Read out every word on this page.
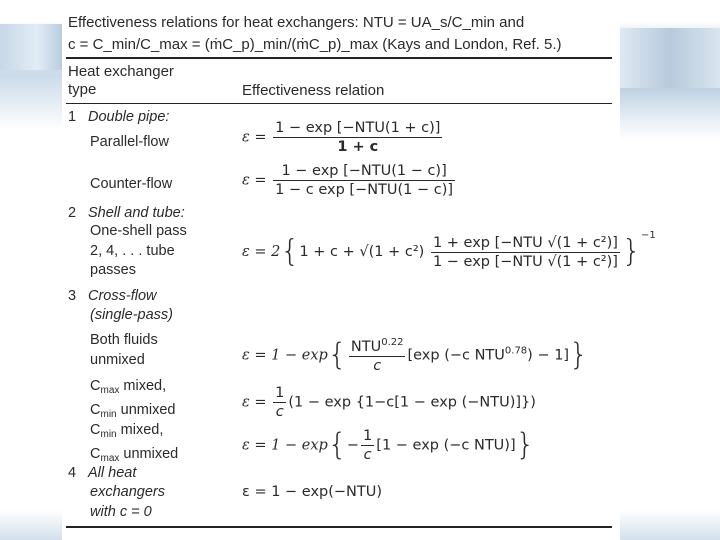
Effectiveness relations for heat exchangers: NTU = UA_s/C_min and
c = C_min/C_max = (ṁC_p)_min/(ṁC_p)_max (Kays and London, Ref. 5.)
Heat exchanger
type	Effectiveness relation
1 Double pipe:
Parallel-flow	$\varepsilon = \frac{\text{1 − exp [−NTU(1 + c)]}}{1 + c}$
Counter-flow	$\varepsilon = \frac{\text{1 − exp [−NTU(1 − c)]}}{\text{1 − c exp [−NTU(1 − c)]}}$
2 Shell and tube:
One-shell pass
2, 4, . . . tube
passes
$\varepsilon = 2\{1 + c + √(1 + c^2) \frac{\text{1 + exp [−NTU √(1 + c²)]}}{\text{1 − exp [−NTU √(1 + c²)]}} \}^{-1}$
3 Cross-flow
(single-pass)
Both fluids
unmixed	$\varepsilon = 1 - \exp\{ \frac{NTU^{0.22}}{c} [\exp$ (−c $NTU^{0.78}) - 1$]}
$C_{max}$ mixed,
$C_{min}$ unmixed	$\varepsilon = \frac{1}{c} (1 - \exp \{1-c[1 - \exp (-NTU)]\})$
$C_{min}$ mixed,
$C_{max}$ unmixed	$\varepsilon = 1 - \exp\{- \frac{1}{c} [1 - \exp (-c$ NTU)]}
4 All heat
exchangers
with c = 0
ε = 1 − exp(−NTU)
